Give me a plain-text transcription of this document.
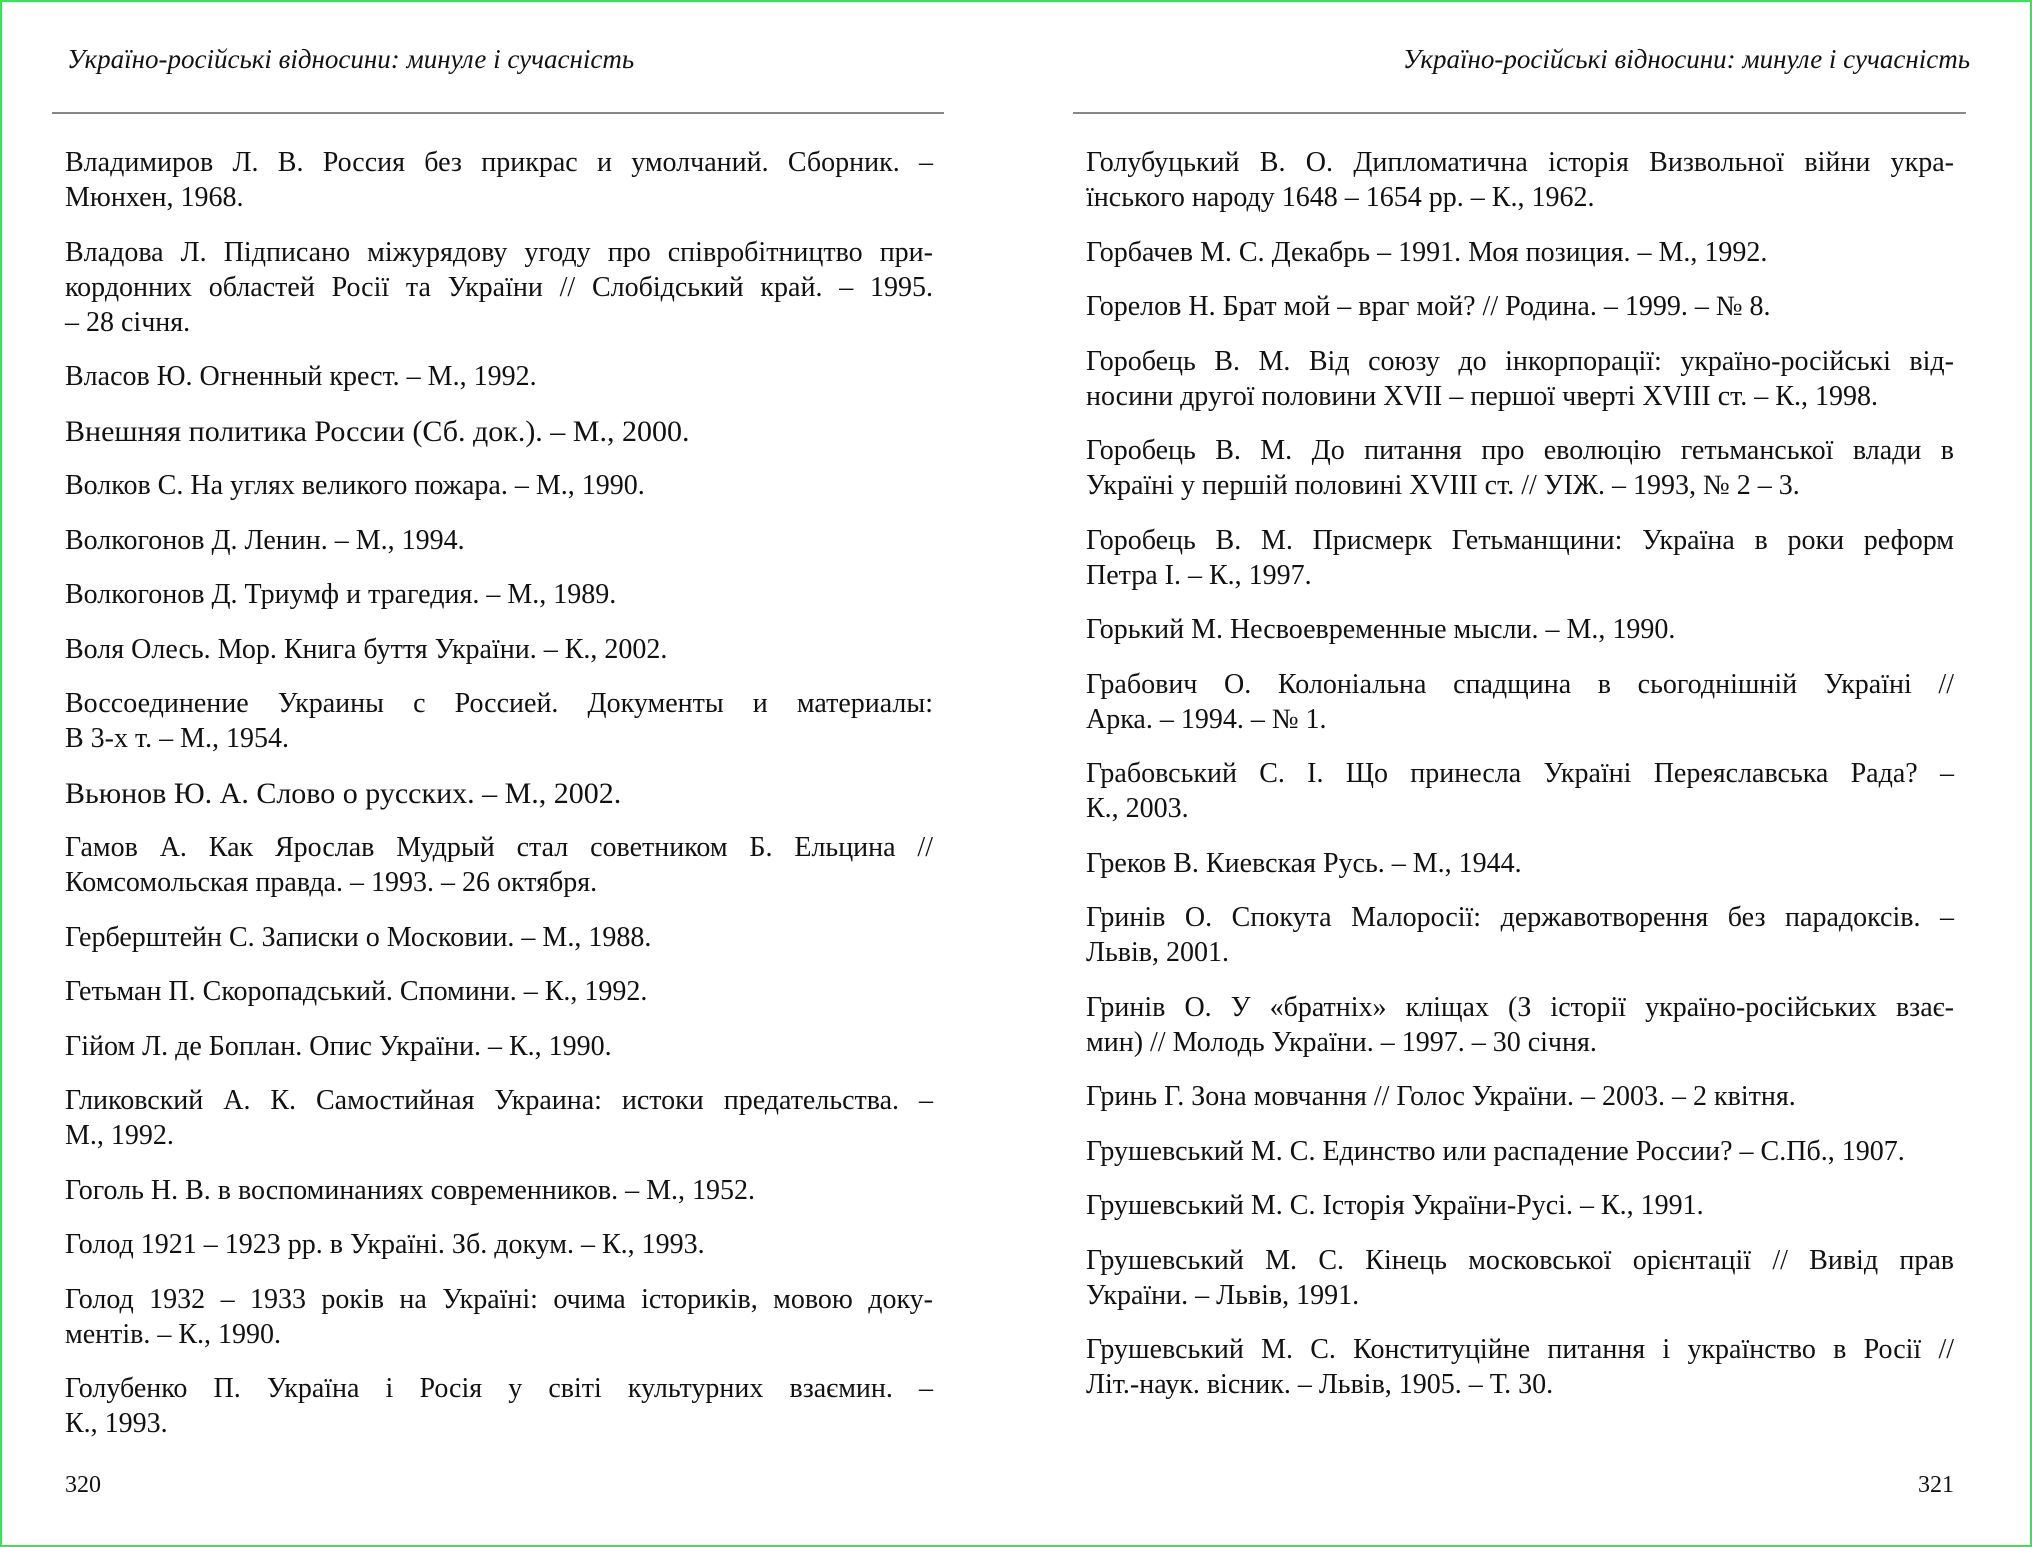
Україно-російські відносини: минуле і сучасність
Владимиров Л. В. Россия без прикрас и умолчаний. Сборник. –
Мюнхен, 1968.
Владова Л. Підписано міжурядову угоду про співробітництво при-
кордонних областей Росії та України // Слобідський край. – 1995.
– 28 січня.
Власов Ю. Огненный крест. – М., 1992.
Внешняя политика России (Сб. док.). – М., 2000.
Волков С. На углях великого пожара. – М., 1990.
Волкогонов Д. Ленин. – М., 1994.
Волкогонов Д. Триумф и трагедия. – М., 1989.
Воля Олесь. Мор. Книга буття України. – К., 2002.
Воссоединение Украины с Россией. Документы и материалы:
В 3-х т. – М., 1954.
Вьюнов Ю. А. Слово о русских. – М., 2002.
Гамов А. Как Ярослав Мудрый стал советником Б. Ельцина //
Комсомольская правда. – 1993. – 26 октября.
Герберштейн С. Записки о Московии. – М., 1988.
Гетьман П. Скоропадський. Спомини. – К., 1992.
Гійом Л. де Боплан. Опис України. – К., 1990.
Гликовский А. К. Самостийная Украина: истоки предательства. –
М., 1992.
Гоголь Н. В. в воспоминаниях современников. – М., 1952.
Голод 1921 – 1923 рр. в Україні. Зб. докум. – К., 1993.
Голод 1932 – 1933 років на Україні: очима істориків, мовою доку-
ментів. – К., 1990.
Голубенко П. Україна і Росія у світі культурних взаємин. –
К., 1993.
320
Україно-російські відносини: минуле і сучасність
Голубуцький В. О. Дипломатична історія Визвольної війни укра-
їнського народу 1648 – 1654 рр. – К., 1962.
Горбачев М. С. Декабрь – 1991. Моя позиция. – М., 1992.
Горелов Н. Брат мой – враг мой? // Родина. – 1999. – № 8.
Горобець В. М. Від союзу до інкорпорації: україно-російські від-
носини другої половини XVII – першої чверті XVIII ст. – К., 1998.
Горобець В. М. До питання про еволюцію гетьманської влади в
Україні у першій половині XVIII ст. // УІЖ. – 1993, № 2 – 3.
Горобець В. М. Присмерк Гетьманщини: Україна в роки реформ
Петра І. – К., 1997.
Горький М. Несвоевременные мысли. – М., 1990.
Грабович О. Колоніальна спадщина в сьогоднішній Україні //
Арка. – 1994. – № 1.
Грабовський С. І. Що принесла Україні Переяславська Рада? –
К., 2003.
Греков В. Киевская Русь. – М., 1944.
Гринів О. Спокута Малоросії: державотворення без парадоксів. –
Львів, 2001.
Гринів О. У «братніх» кліщах (З історії україно-російських взає-
мин) // Молодь України. – 1997. – 30 січня.
Гринь Г. Зона мовчання // Голос України. – 2003. – 2 квітня.
Грушевський М. С. Единство или распадение России? – С.Пб., 1907.
Грушевський М. С. Історія України-Русі. – К., 1991.
Грушевський М. С. Кінець московської орієнтації // Вивід прав
України. – Львів, 1991.
Грушевський М. С. Конституційне питання і українство в Росії //
Літ.-наук. вісник. – Львів, 1905. – Т. 30.
321
